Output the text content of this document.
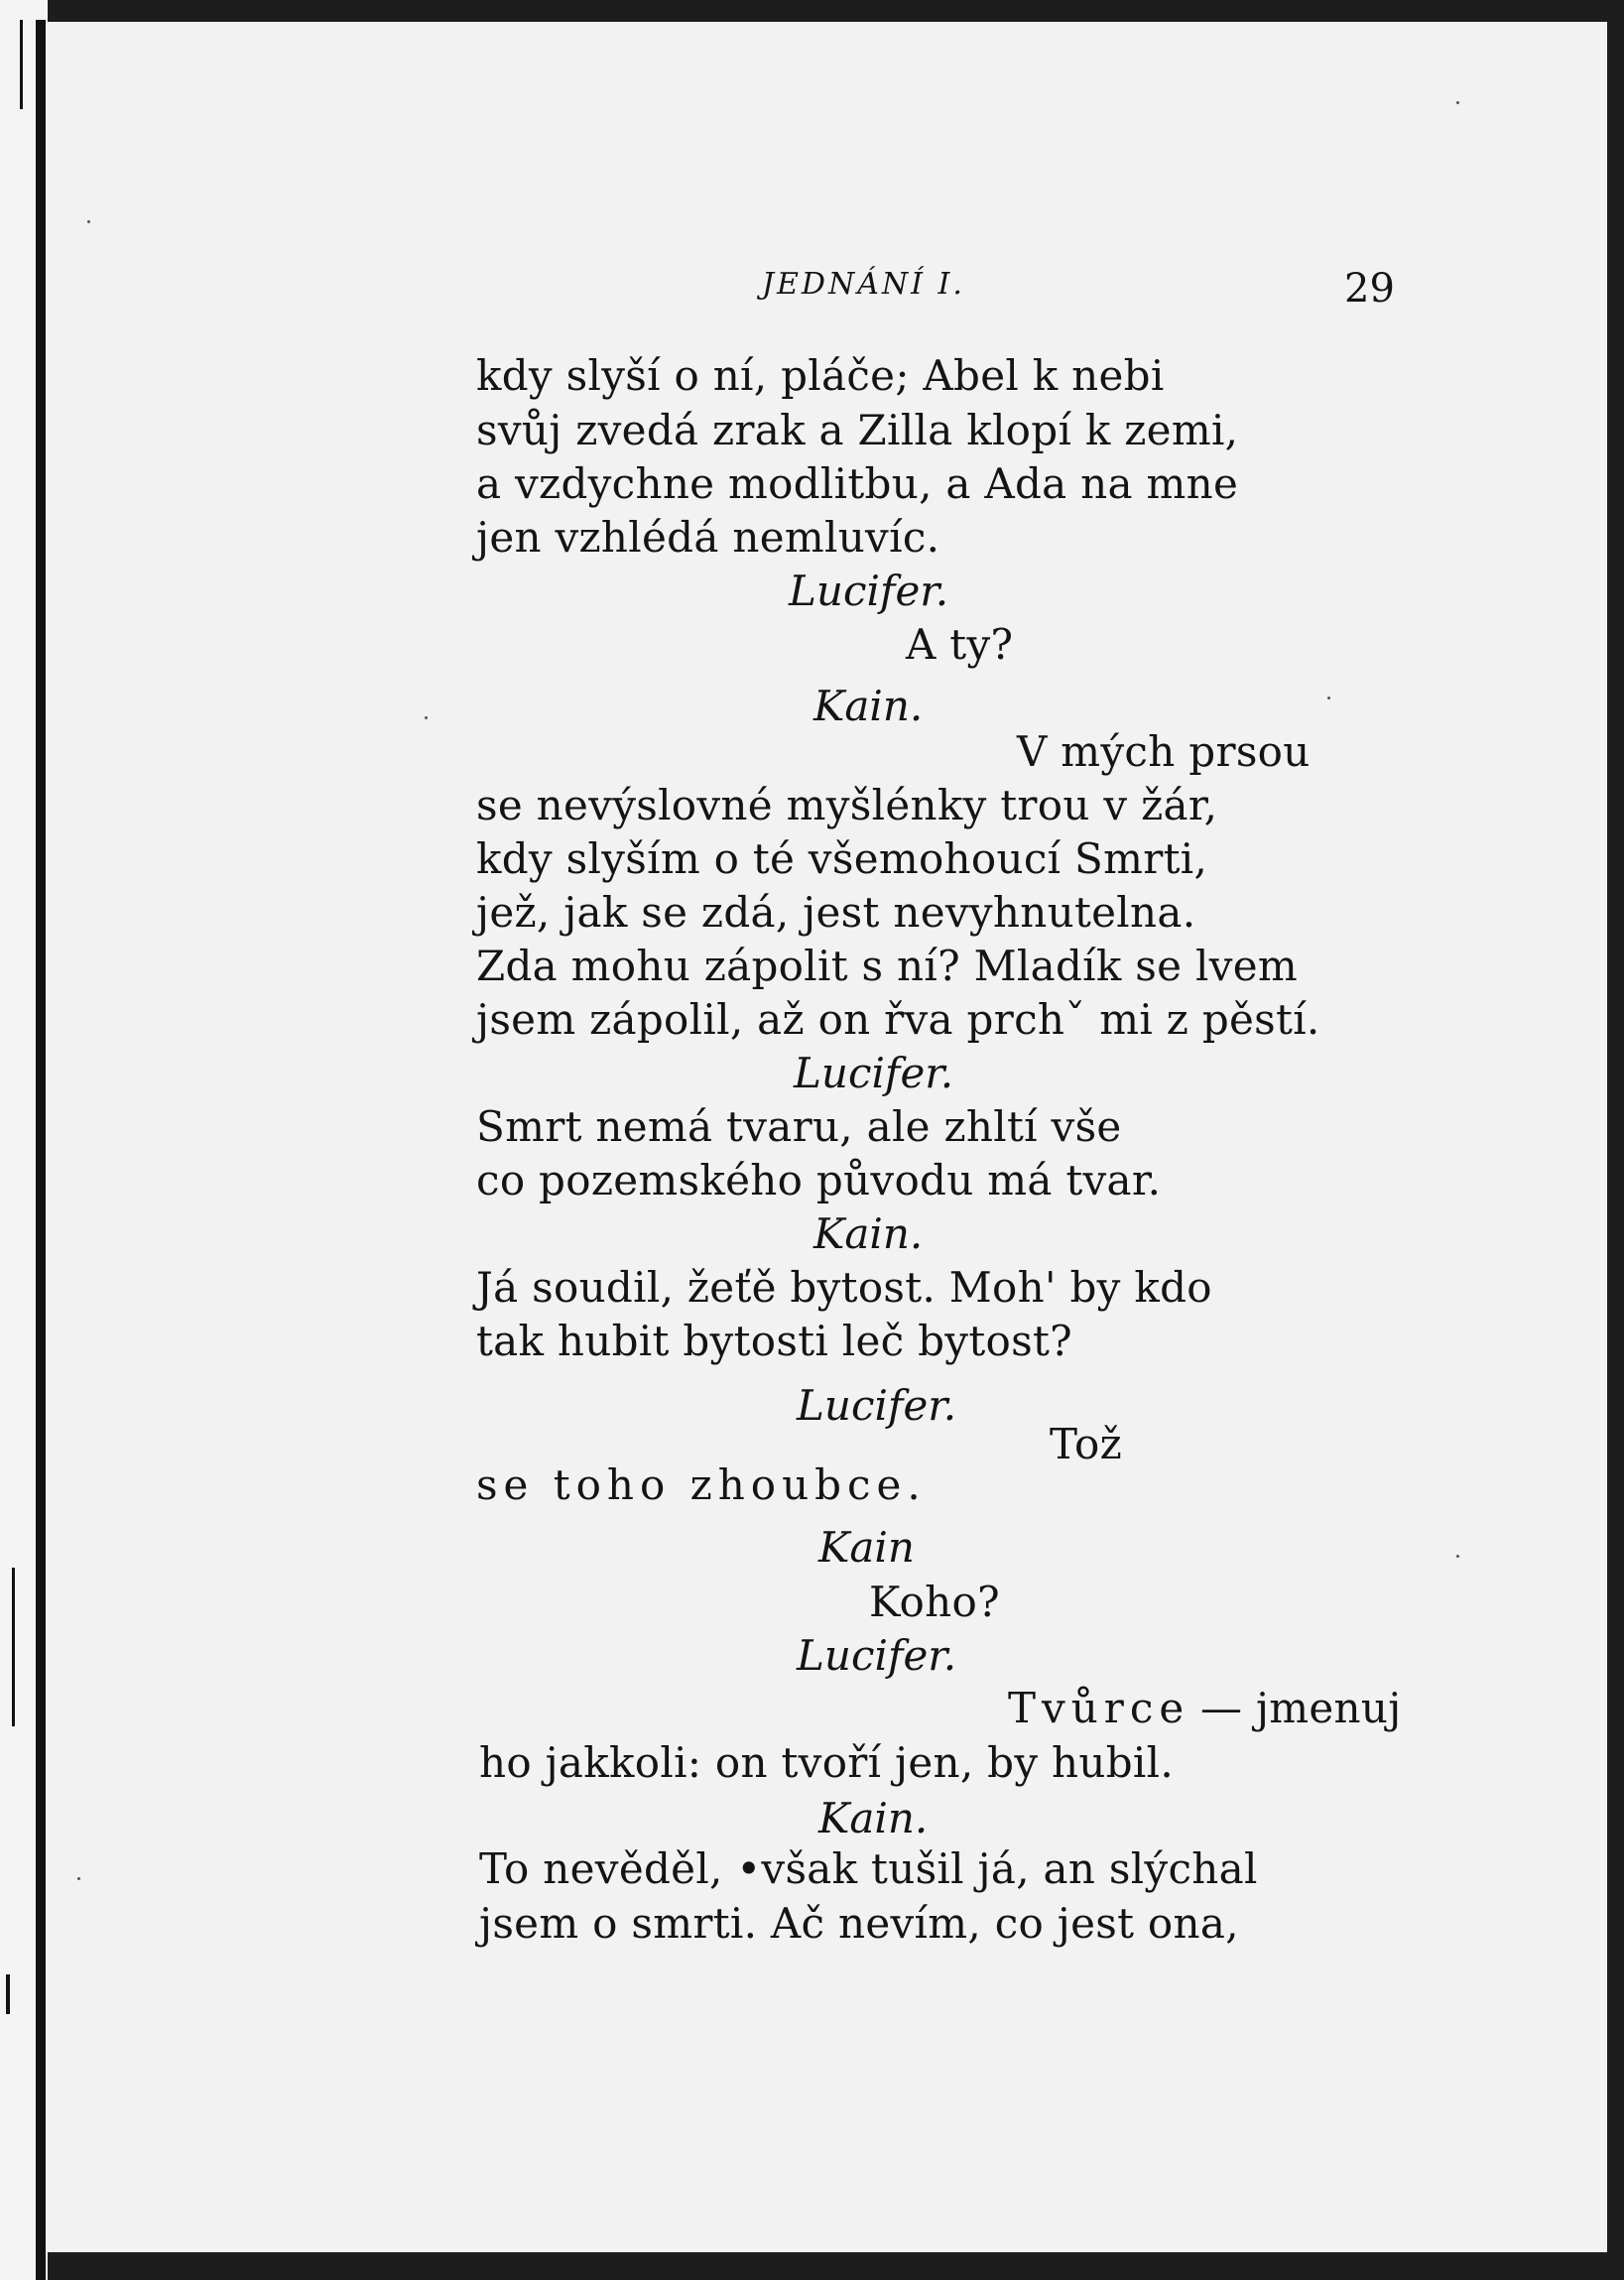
JEDNÁNÍ I.	29
kdy slyší o ní, pláče; Abel k nebi
svůj zvedá zrak a Zilla klopí k zemi,
a vzdychne modlitbu, a Ada na mne
jen vzhlédá nemluvíc.
Lucifer.
A ty?
Kain.
V mých prsou
se nevýslovné myšlénky trou v žár,
kdy slyším o té všemohoucí Smrti,
jež, jak se zdá, jest nevyhnutelna.
Zda mohu zápolit s ní? Mladík se lvem
jsem zápolil, až on řva prchˇ mi z pěstí.
Lucifer.
Smrt nemá tvaru, ale zhltí vše
co pozemského původu má tvar.
Kain.
Já soudil, žeťě bytost. Moh' by kdo
tak hubit bytosti leč bytost?
Lucifer.
Tož
se toho zhoubce.
Kain
Koho?
Lucifer.
Tvůrce — jmenuj
ho jakkoli: on tvoří jen, by hubil.
Kain.
To nevěděl, •však tušil já, an slýchal
jsem o smrti. Ač nevím, co jest ona,
